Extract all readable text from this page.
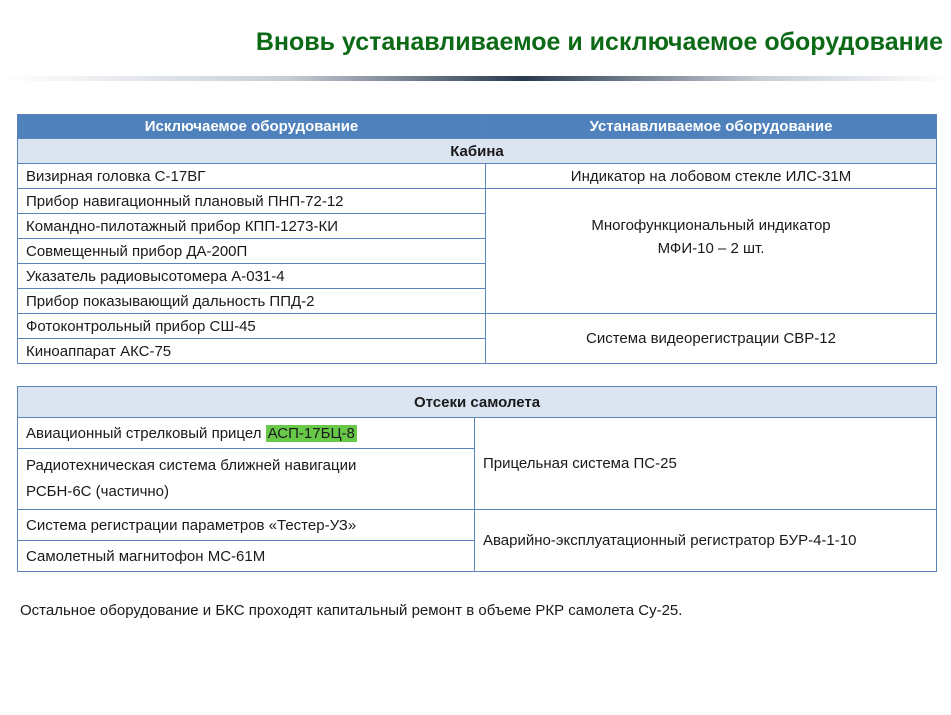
Вновь устанавливаемое и исключаемое оборудование
Исключаемое оборудование	Устанавливаемое оборудование
Кабина	
Визирная головка С-17ВГ	Индикатор на лобовом стекле ИЛС-31М
Прибор навигационный плановый ПНП-72-12	Многофункциональный индикатор
МФИ-10 – 2 шт.

Командно-пилотажный прибор КПП-1273-КИ	
Совмещенный прибор ДА-200П	
Указатель радиовысотомера А-031-4	
Прибор показывающий дальность ППД-2	
Фотоконтрольный прибор СШ-45	Система видеорегистрации СВР-12
Киноаппарат АКС-75	
Отсеки самолета	
Авиационный стрелковый прицел АСП-17БЦ-8	Прицельная система ПС-25

Радиотехническая система ближней навигации
РСБН-6С (частично)	

Система регистрации параметров «Тестер-УЗ»	Аварийно-эксплуатационный регистратор БУР-4-1-10
Самолетный магнитофон МС-61М	
Остальное оборудование и БКС проходят капитальный ремонт в объеме РКР самолета Су-25.
